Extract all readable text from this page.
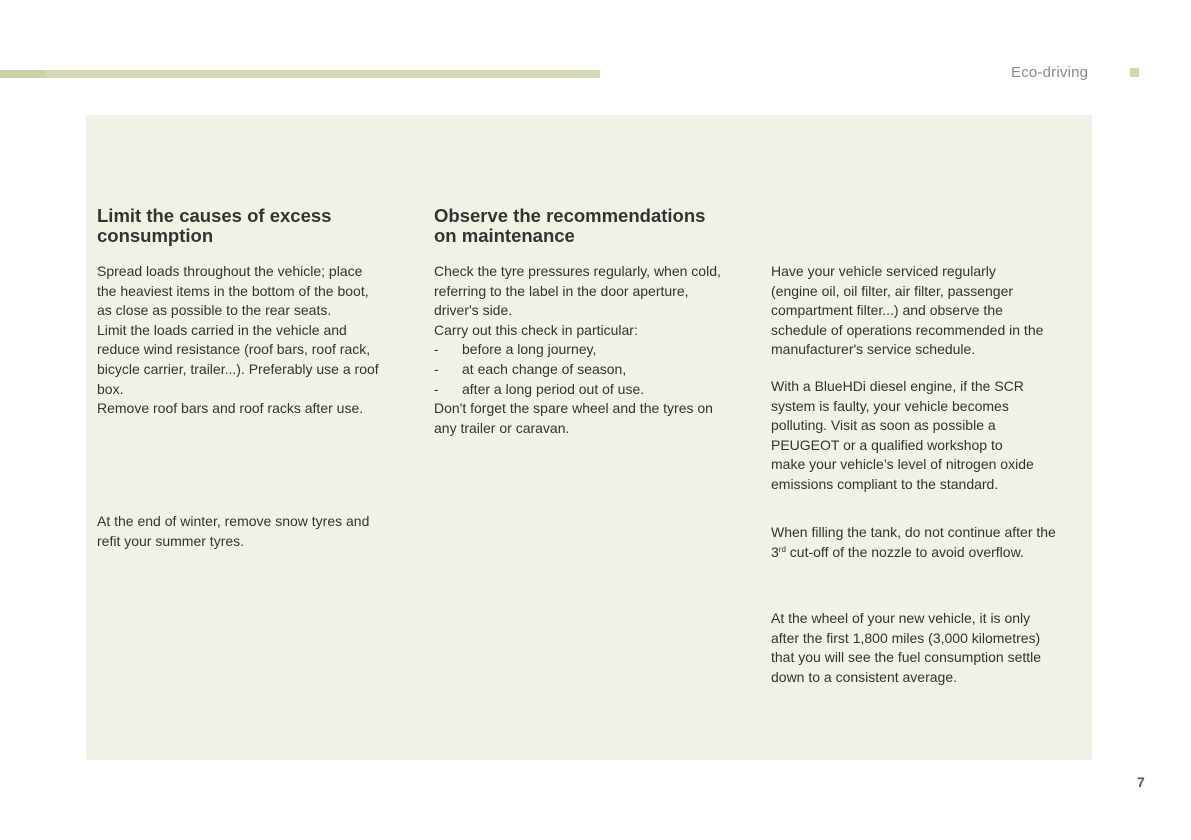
Eco-driving
Limit the causes of excess
consumption

Spread loads throughout the vehicle; place
the heaviest items in the bottom of the boot,
as close as possible to the rear seats.
Limit the loads carried in the vehicle and
reduce wind resistance (roof bars, roof rack,
bicycle carrier, trailer...). Preferably use a roof
box.
Remove roof bars and roof racks after use.

At the end of winter, remove snow tyres and
refit your summer tyres.

Observe the recommendations
on maintenance
Check the tyre pressures regularly, when cold,
referring to the label in the door aperture,
driver's side.
Carry out this check in particular:
- before a long journey,
- at each change of season,
- after a long period out of use.
Don't forget the spare wheel and the tyres on
any trailer or caravan.

Have your vehicle serviced regularly
(engine oil, oil filter, air filter, passenger
compartment filter...) and observe the
schedule of operations recommended in the
manufacturer's service schedule.

With a BlueHDi diesel engine, if the SCR
system is faulty, your vehicle becomes
polluting. Visit as soon as possible a
PEUGEOT or a qualified workshop to
make your vehicle’s level of nitrogen oxide
emissions compliant to the standard.

When filling the tank, do not continue after the
3rd cut-off of the nozzle to avoid overflow.

At the wheel of your new vehicle, it is only
after the first 1,800 miles (3,000 kilometres)
that you will see the fuel consumption settle
down to a consistent average.

7
